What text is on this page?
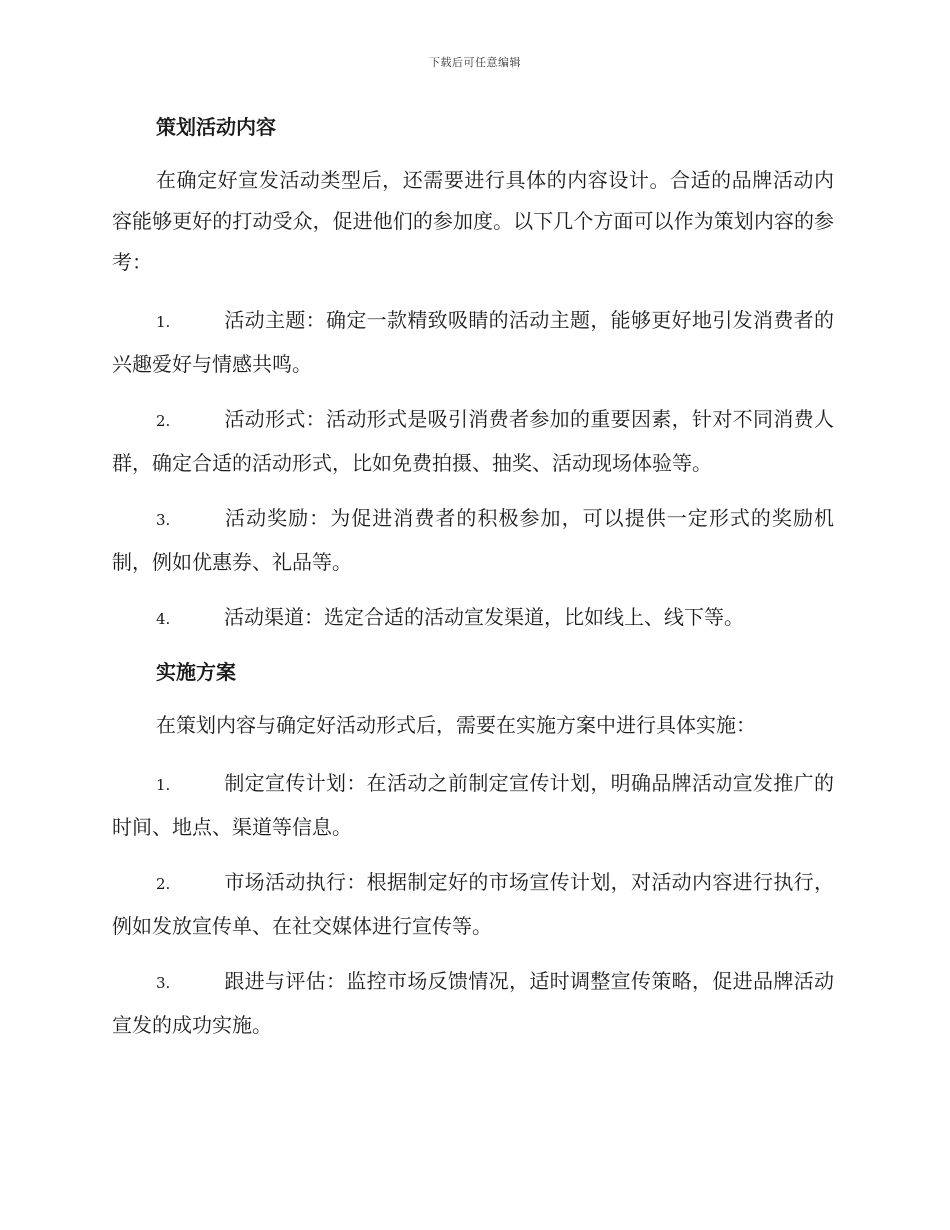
下载后可任意编辑
策划活动内容

在确定好宣发活动类型后，还需要进行具体的内容设计。合适的品牌活动内容能够更好的打动受众，促进他们的参加度。以下几个方面可以作为策划内容的参考：

1.	活动主题：确定一款精致吸睛的活动主题，能够更好地引发消费者的兴趣爱好与情感共鸣。

2.	活动形式：活动形式是吸引消费者参加的重要因素，针对不同消费人群，确定合适的活动形式，比如免费拍摄、抽奖、活动现场体验等。

3.	活动奖励：为促进消费者的积极参加，可以提供一定形式的奖励机制，例如优惠券、礼品等。

4.	活动渠道：选定合适的活动宣发渠道，比如线上、线下等。

实施方案

在策划内容与确定好活动形式后，需要在实施方案中进行具体实施：

1.	制定宣传计划：在活动之前制定宣传计划，明确品牌活动宣发推广的时间、地点、渠道等信息。

2.	市场活动执行：根据制定好的市场宣传计划，对活动内容进行执行，例如发放宣传单、在社交媒体进行宣传等。

3.	跟进与评估：监控市场反馈情况，适时调整宣传策略，促进品牌活动宣发的成功实施。
